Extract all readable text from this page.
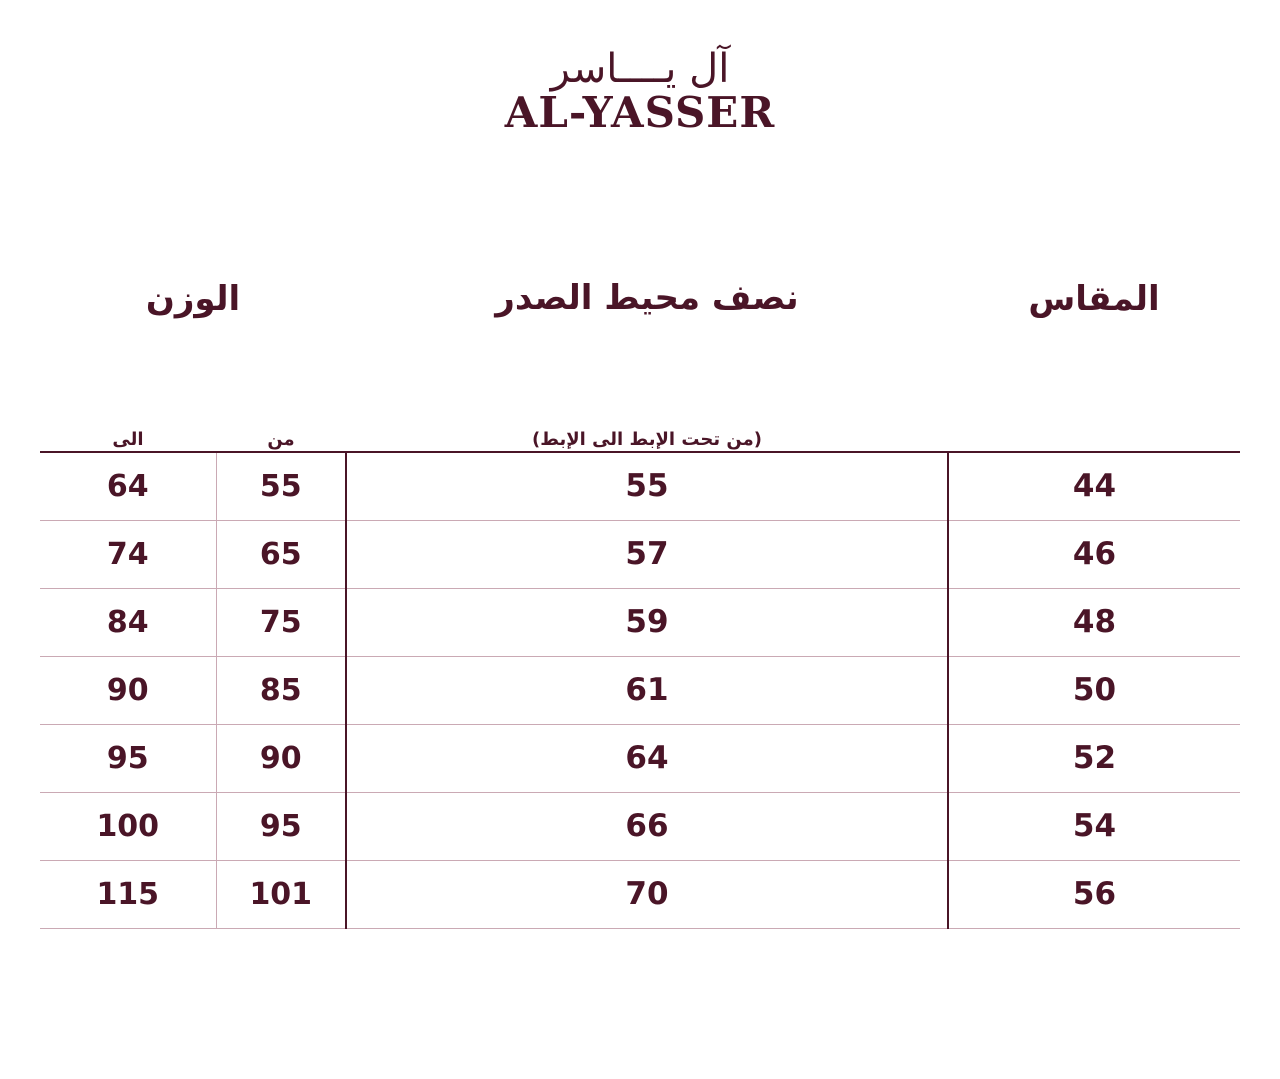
آل ي‍ـ‍ـ‍ـ‍ـاسر
AL-YASSER
المقاس	نصف محيط الصدر	الوزن	
	(من تحت الإبط الى الإبط)	من	الى
44	55	55	64
46	57	65	74
48	59	75	84
50	61	85	90
52	64	90	95
54	66	95	100
56	70	101	115
